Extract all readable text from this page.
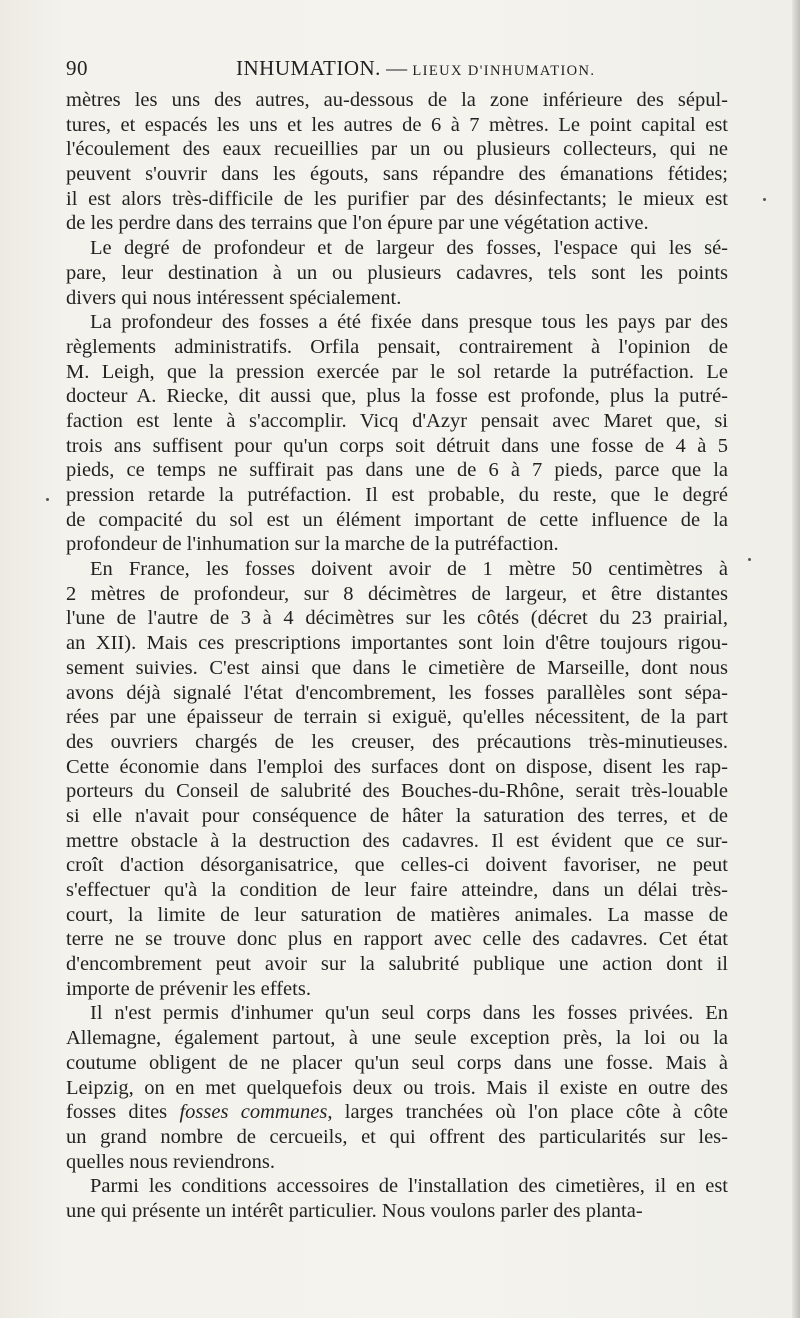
90	INHUMATION. — LIEUX D'INHUMATION.
mètres les uns des autres, au-dessous de la zone inférieure des sépul-
tures, et espacés les uns et les autres de 6 à 7 mètres. Le point capital est
l'écoulement des eaux recueillies par un ou plusieurs collecteurs, qui ne
peuvent s'ouvrir dans les égouts, sans répandre des émanations fétides;
il est alors très-difficile de les purifier par des désinfectants; le mieux est
de les perdre dans des terrains que l'on épure par une végétation active.
Le degré de profondeur et de largeur des fosses, l'espace qui les sé-
pare, leur destination à un ou plusieurs cadavres, tels sont les points
divers qui nous intéressent spécialement.
La profondeur des fosses a été fixée dans presque tous les pays par des
règlements administratifs. Orfila pensait, contrairement à l'opinion de
M. Leigh, que la pression exercée par le sol retarde la putréfaction. Le
docteur A. Riecke, dit aussi que, plus la fosse est profonde, plus la putré-
faction est lente à s'accomplir. Vicq d'Azyr pensait avec Maret que, si
trois ans suffisent pour qu'un corps soit détruit dans une fosse de 4 à 5
pieds, ce temps ne suffirait pas dans une de 6 à 7 pieds, parce que la
pression retarde la putréfaction. Il est probable, du reste, que le degré
de compacité du sol est un élément important de cette influence de la
profondeur de l'inhumation sur la marche de la putréfaction.
En France, les fosses doivent avoir de 1 mètre 50 centimètres à
2 mètres de profondeur, sur 8 décimètres de largeur, et être distantes
l'une de l'autre de 3 à 4 décimètres sur les côtés (décret du 23 prairial,
an XII). Mais ces prescriptions importantes sont loin d'être toujours rigou-
sement suivies. C'est ainsi que dans le cimetière de Marseille, dont nous
avons déjà signalé l'état d'encombrement, les fosses parallèles sont sépa-
rées par une épaisseur de terrain si exiguë, qu'elles nécessitent, de la part
des ouvriers chargés de les creuser, des précautions très-minutieuses.
Cette économie dans l'emploi des surfaces dont on dispose, disent les rap-
porteurs du Conseil de salubrité des Bouches-du-Rhône, serait très-louable
si elle n'avait pour conséquence de hâter la saturation des terres, et de
mettre obstacle à la destruction des cadavres. Il est évident que ce sur-
croît d'action désorganisatrice, que celles-ci doivent favoriser, ne peut
s'effectuer qu'à la condition de leur faire atteindre, dans un délai très-
court, la limite de leur saturation de matières animales. La masse de
terre ne se trouve donc plus en rapport avec celle des cadavres. Cet état
d'encombrement peut avoir sur la salubrité publique une action dont il
importe de prévenir les effets.
Il n'est permis d'inhumer qu'un seul corps dans les fosses privées. En
Allemagne, également partout, à une seule exception près, la loi ou la
coutume obligent de ne placer qu'un seul corps dans une fosse. Mais à
Leipzig, on en met quelquefois deux ou trois. Mais il existe en outre des
fosses dites fosses communes, larges tranchées où l'on place côte à côte
un grand nombre de cercueils, et qui offrent des particularités sur les-
quelles nous reviendrons.
Parmi les conditions accessoires de l'installation des cimetières, il en est
une qui présente un intérêt particulier. Nous voulons parler des planta-
